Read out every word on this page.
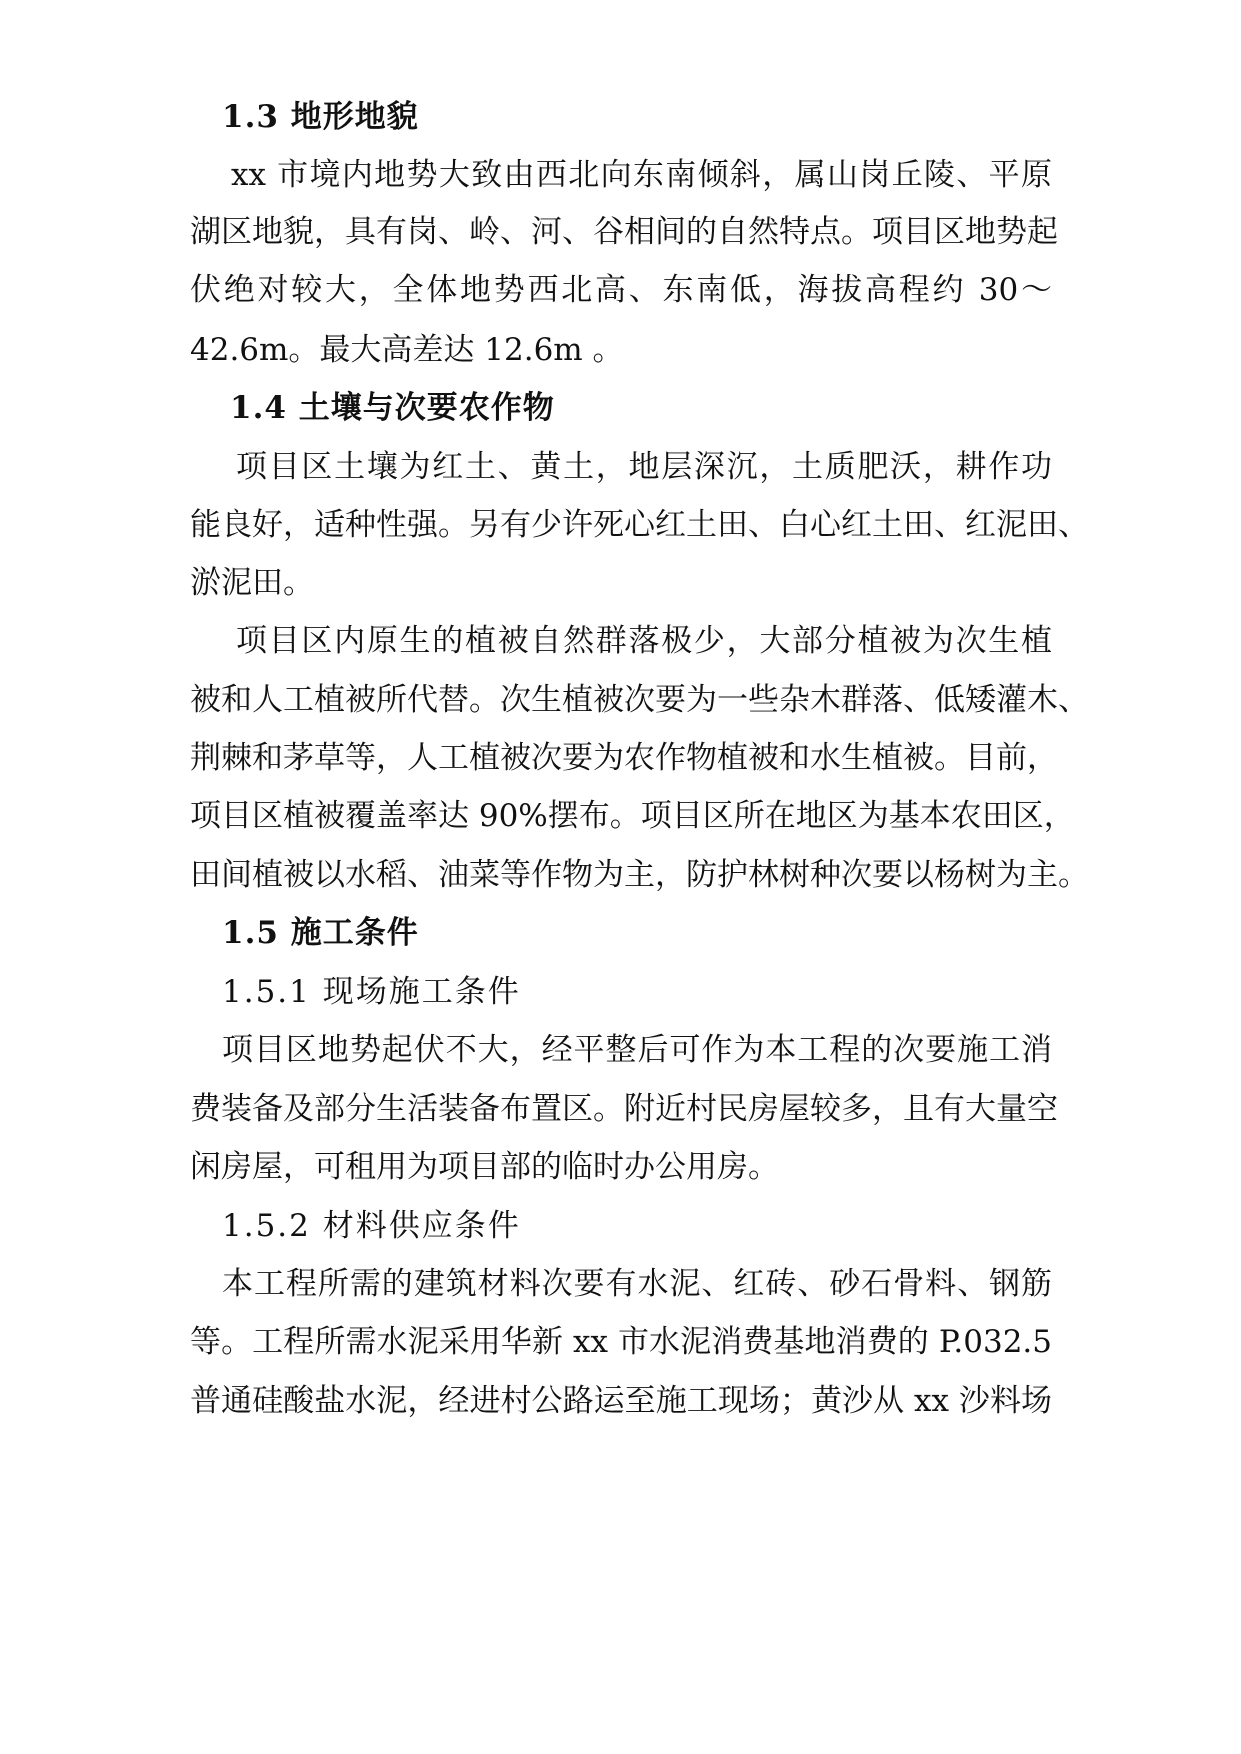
1.3 地形地貌
xx 市境内地势大致由西北向东南倾斜，属山岗丘陵、平原
湖区地貌，具有岗、岭、河、谷相间的自然特点。项目区地势起
伏绝对较大，全体地势西北高、东南低，海拔高程约 30～
42.6m。最大高差达 12.6m 。
1.4 土壤与次要农作物
项目区土壤为红土、黄土，地层深沉，土质肥沃，耕作功
能良好，适种性强。另有少许死心红土田、白心红土田、红泥田、
淤泥田。
项目区内原生的植被自然群落极少，大部分植被为次生植
被和人工植被所代替。次生植被次要为一些杂木群落、低矮灌木、
荆棘和茅草等，人工植被次要为农作物植被和水生植被。目前，
项目区植被覆盖率达 90%摆布。项目区所在地区为基本农田区，
田间植被以水稻、油菜等作物为主，防护林树种次要以杨树为主。
1.5 施工条件
1.5.1 现场施工条件
项目区地势起伏不大，经平整后可作为本工程的次要施工消
费装备及部分生活装备布置区。附近村民房屋较多，且有大量空
闲房屋，可租用为项目部的临时办公用房。
1.5.2 材料供应条件
本工程所需的建筑材料次要有水泥、红砖、砂石骨料、钢筋
等。工程所需水泥采用华新 xx 市水泥消费基地消费的 P.032.5
普通硅酸盐水泥，经进村公路运至施工现场；黄沙从 xx 沙料场
